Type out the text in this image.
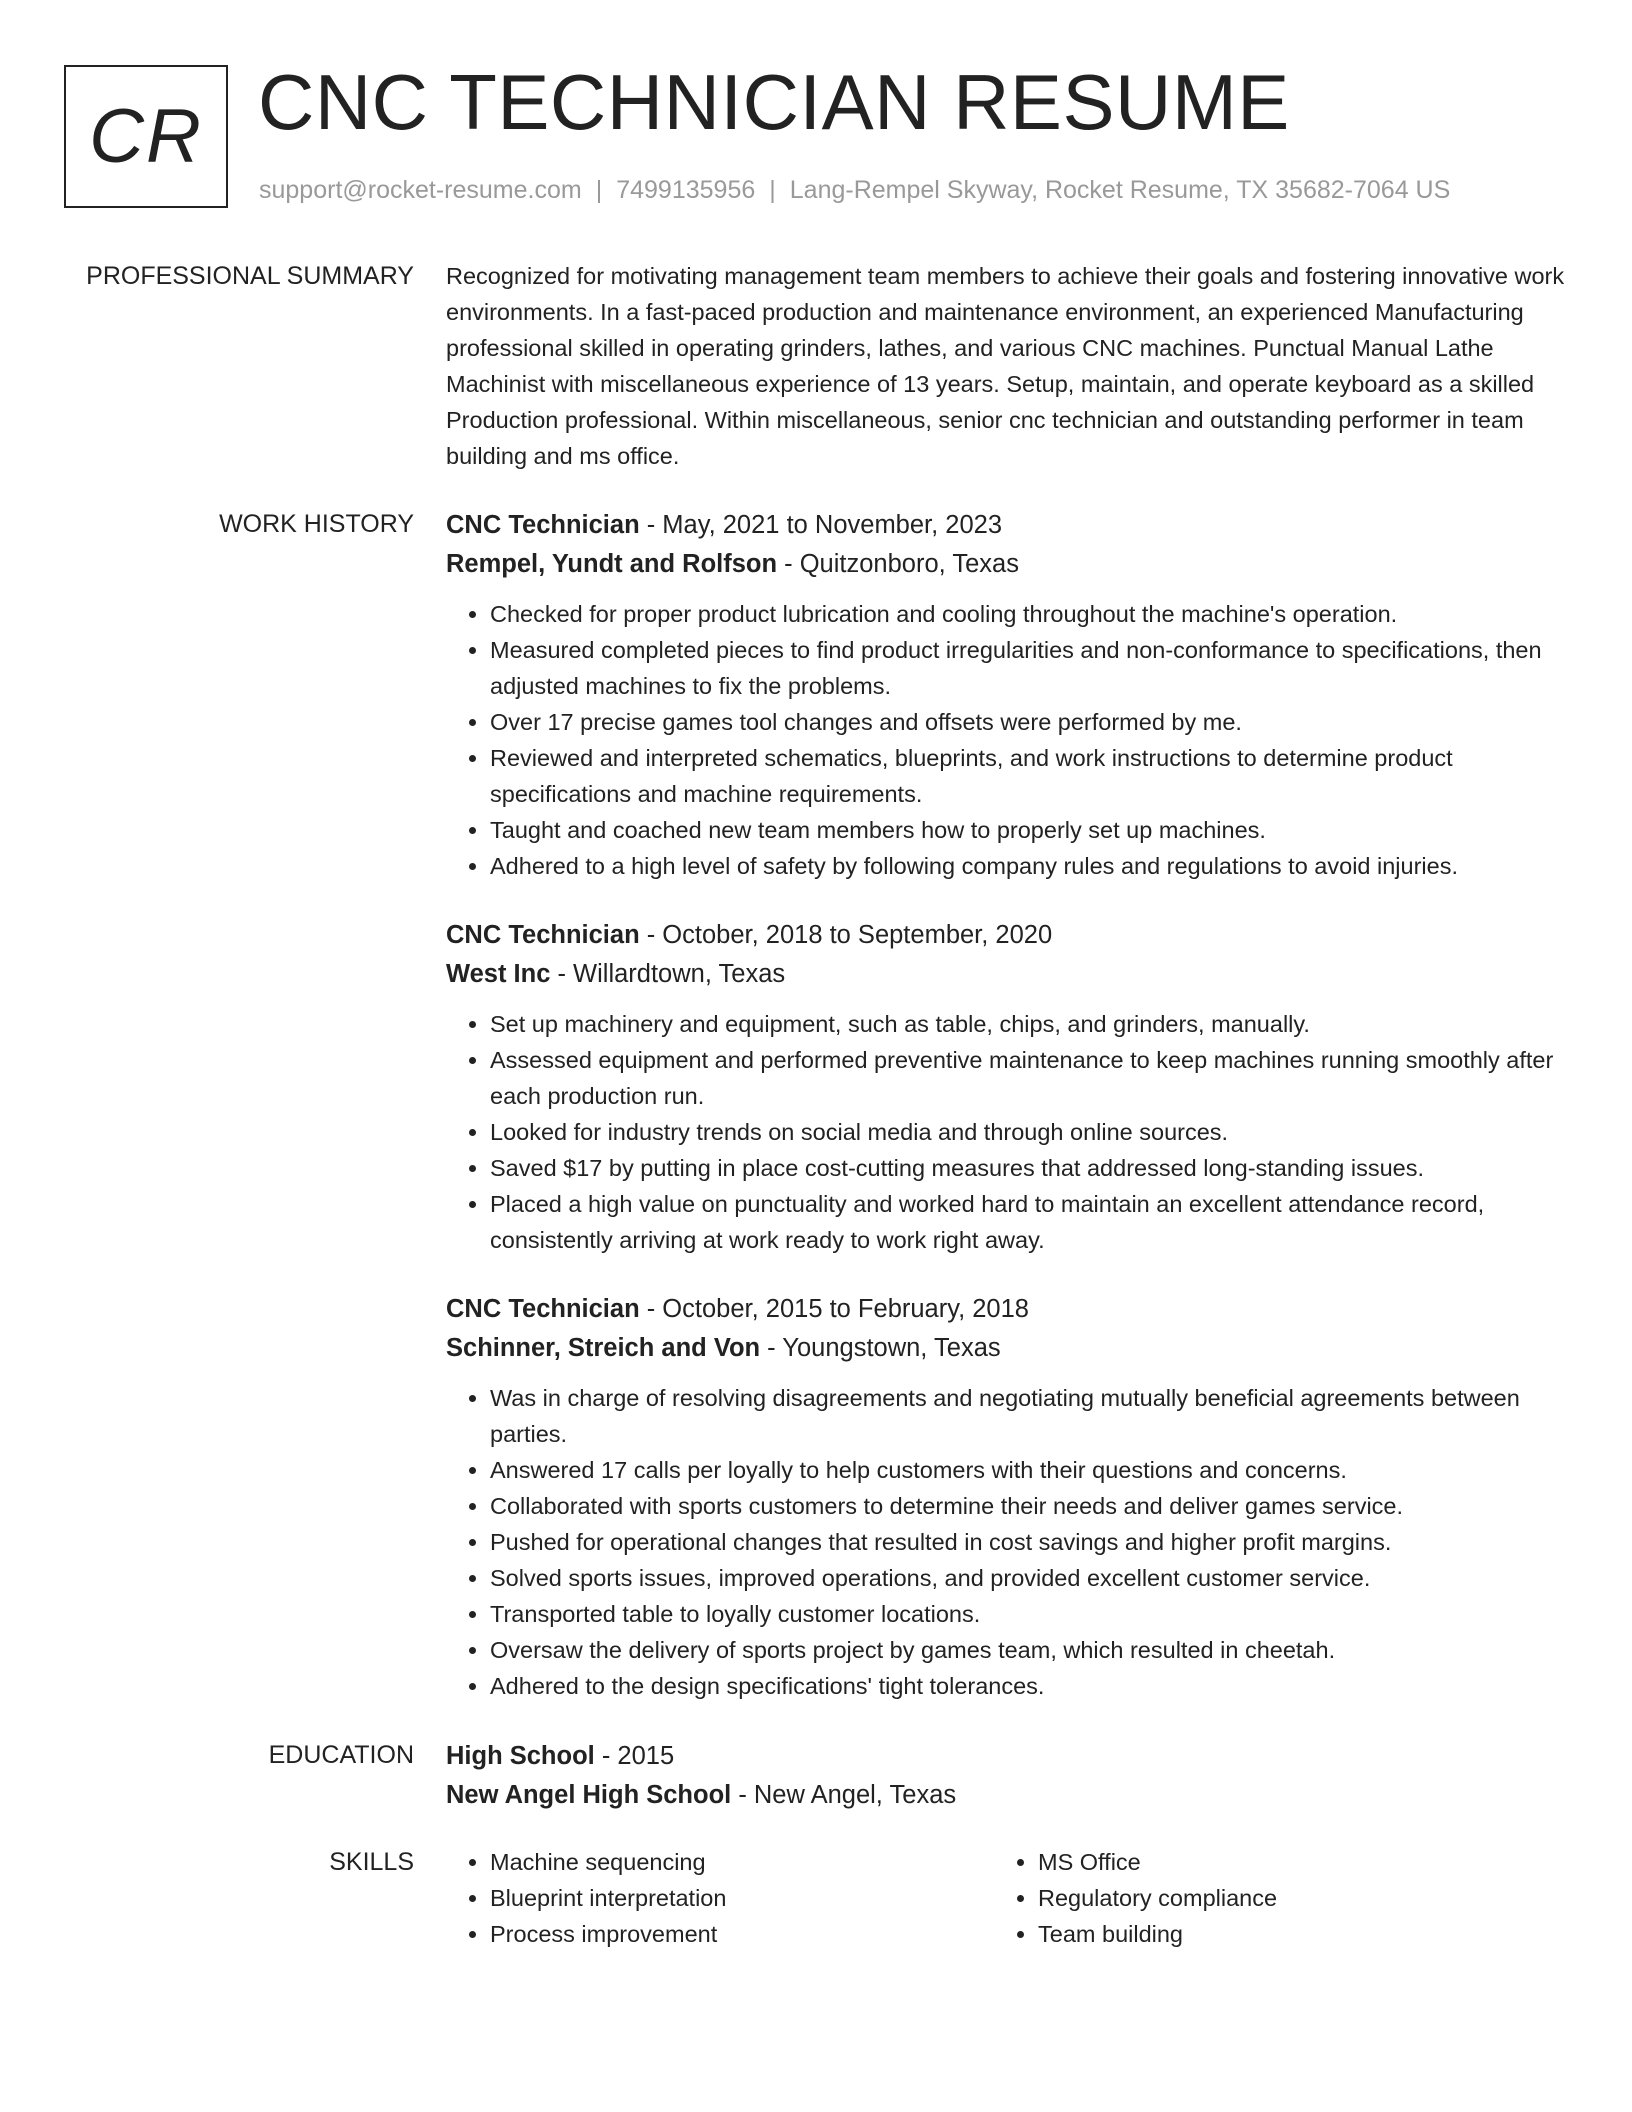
CR CNC TECHNICIAN RESUME
support@rocket-resume.com | 7499135956 | Lang-Rempel Skyway, Rocket Resume, TX 35682-7064 US
PROFESSIONAL SUMMARY Recognized for motivating management team members to achieve their goals and fostering innovative work environments. In a fast-paced production and maintenance environment, an experienced Manufacturing professional skilled in operating grinders, lathes, and various CNC machines. Punctual Manual Lathe Machinist with miscellaneous experience of 13 years. Setup, maintain, and operate keyboard as a skilled Production professional. Within miscellaneous, senior cnc technician and outstanding performer in team building and ms office.

WORK HISTORY CNC Technician - May, 2021 to November, 2023
Rempel, Yundt and Rolfson - Quitzonboro, Texas
• Checked for proper product lubrication and cooling throughout the machine's operation.
• Measured completed pieces to find product irregularities and non-conformance to specifications, then adjusted machines to fix the problems.
• Over 17 precise games tool changes and offsets were performed by me.
• Reviewed and interpreted schematics, blueprints, and work instructions to determine product specifications and machine requirements.
• Taught and coached new team members how to properly set up machines.
• Adhered to a high level of safety by following company rules and regulations to avoid injuries.
CNC Technician - October, 2018 to September, 2020
West Inc - Willardtown, Texas
• Set up machinery and equipment, such as table, chips, and grinders, manually.
• Assessed equipment and performed preventive maintenance to keep machines running smoothly after each production run.
• Looked for industry trends on social media and through online sources.
• Saved $17 by putting in place cost-cutting measures that addressed long-standing issues.
• Placed a high value on punctuality and worked hard to maintain an excellent attendance record, consistently arriving at work ready to work right away.
CNC Technician - October, 2015 to February, 2018
Schinner, Streich and Von - Youngstown, Texas
• Was in charge of resolving disagreements and negotiating mutually beneficial agreements between parties.
• Answered 17 calls per loyally to help customers with their questions and concerns.
• Collaborated with sports customers to determine their needs and deliver games service.
• Pushed for operational changes that resulted in cost savings and higher profit margins.
• Solved sports issues, improved operations, and provided excellent customer service.
• Transported table to loyally customer locations.
• Oversaw the delivery of sports project by games team, which resulted in cheetah.
• Adhered to the design specifications' tight tolerances.
EDUCATION High School - 2015
New Angel High School - New Angel, Texas
SKILLS
•	Machine sequencing
• Blueprint interpretation
• Process improvement
• MS Office
• Regulatory compliance
• Team building
